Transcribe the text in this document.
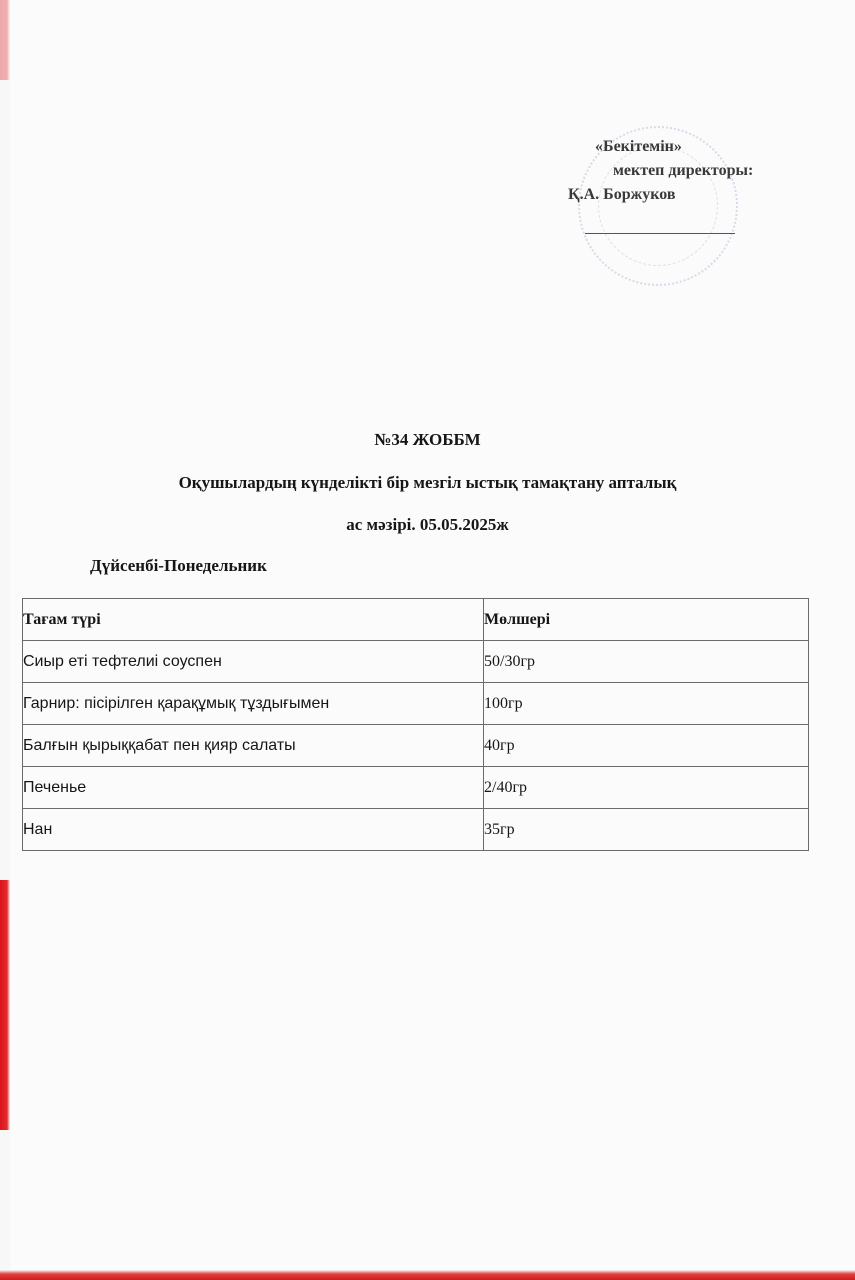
«Бекітемін»
мектеп директоры:
Қ.А. Боржуков
№34 ЖОББМ
Оқушылардың күнделікті бір мезгіл ыстық тамақтану апталық
ас мәзірі. 05.05.2025ж
Дүйсенбі-Понедельник
Тағам түрі	Мөлшері
Сиыр еті тефтелиі соуспен	50/30гр
Гарнир: пісірілген қарақұмық тұздығымен	100гр
Балғын қырыққабат пен қияр салаты	40гр
Печенье	2/40гр
Нан	35гр
